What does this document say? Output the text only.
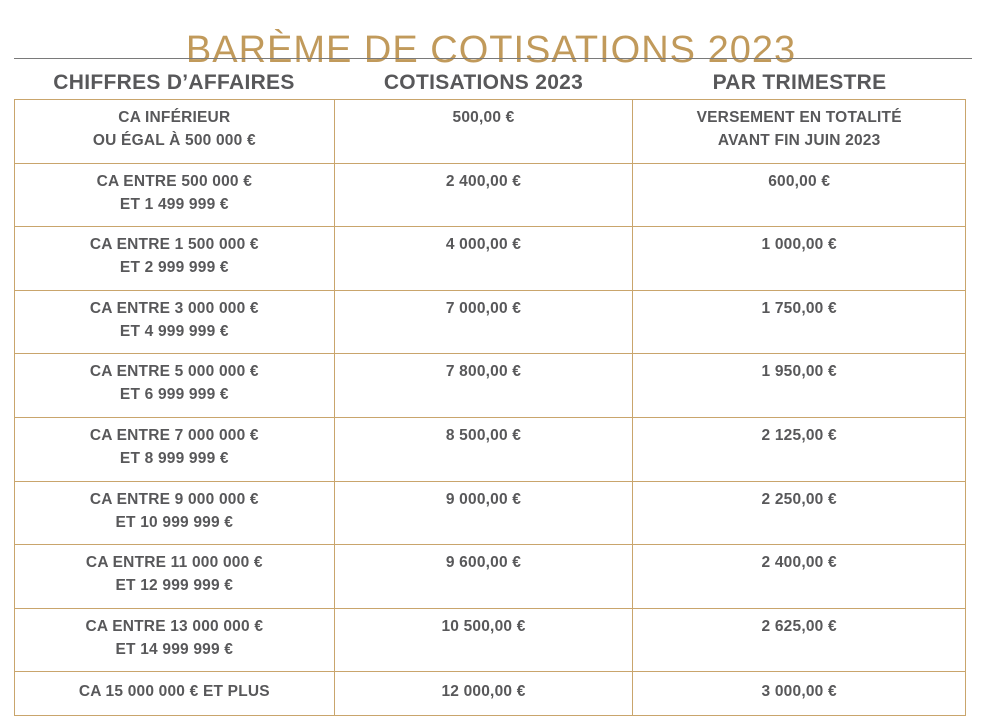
BARÈME DE COTISATIONS 2023
CHIFFRES D’AFFAIRES	COTISATIONS 2023	PAR TRIMESTRE
CA INFÉRIEUR
OU ÉGAL À 500 000 €
500,00 €	VERSEMENT EN TOTALITÉ
AVANT FIN JUIN 2023
CA ENTRE 500 000 €
ET 1 499 999 €
2 400,00 €	600,00 €
CA ENTRE 1 500 000 €
ET 2 999 999 €
4 000,00 €	1 000,00 €
CA ENTRE 3 000 000 €
ET 4 999 999 €
7 000,00 €	1 750,00 €
CA ENTRE 5 000 000 €
ET 6 999 999 €
7 800,00 €	1 950,00 €
CA ENTRE 7 000 000 €
ET 8 999 999 €
8 500,00 €	2 125,00 €
CA ENTRE 9 000 000 €
ET 10 999 999 €
9 000,00 €	2 250,00 €
CA ENTRE 11 000 000 €
ET 12 999 999 €
9 600,00 €	2 400,00 €
CA ENTRE 13 000 000 €
ET 14 999 999 €
10 500,00 €	2 625,00 €
CA 15 000 000 € ET PLUS	12 000,00 €	3 000,00 €
